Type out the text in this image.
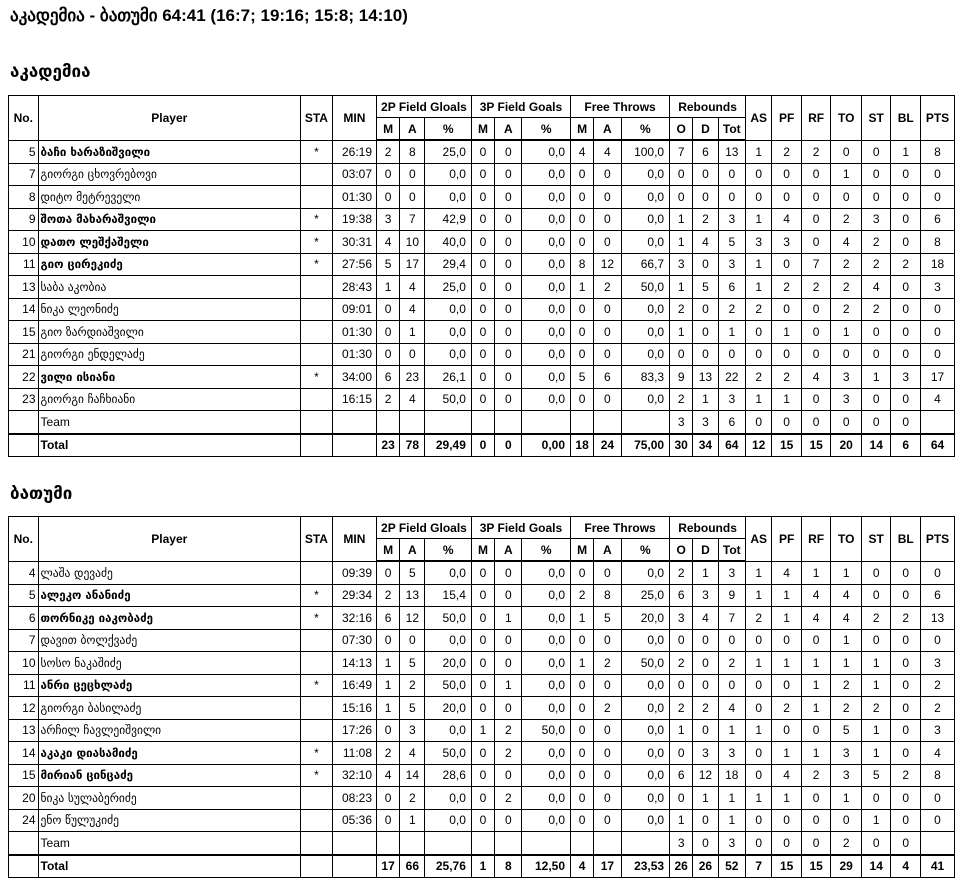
აკადემია - ბათუმი 64:41 (16:7; 19:16; 15:8; 14:10)
აკადემია
No.	Player	STA	MIN	2P Field Gloals			3P Field Goals			Free Throws			Rebounds			AS	PF	RF	TO	ST	BL	PTS
				M	A	%	M	A	%	M	A	%	O	D	Tot							
5	ბაჩი ხარაზიშვილი	*	26:19	2	8	25,0	0	0	0,0	4	4	100,0	7	6	13	1	2	2	0	0	1	8
7	გიორგი ცხოვრებოვი		03:07	0	0	0,0	0	0	0,0	0	0	0,0	0	0	0	0	0	0	1	0	0	0
8	დიტო მეტრეველი		01:30	0	0	0,0	0	0	0,0	0	0	0,0	0	0	0	0	0	0	0	0	0	0
9	შოთა მახარაშვილი	*	19:38	3	7	42,9	0	0	0,0	0	0	0,0	1	2	3	1	4	0	2	3	0	6
10	დათო ლეშქაშელი	*	30:31	4	10	40,0	0	0	0,0	0	0	0,0	1	4	5	3	3	0	4	2	0	8
11	გიო ცირეკიძე	*	27:56	5	17	29,4	0	0	0,0	8	12	66,7	3	0	3	1	0	7	2	2	2	18
13	საბა აკობია		28:43	1	4	25,0	0	0	0,0	1	2	50,0	1	5	6	1	2	2	2	4	0	3
14	ნიკა ლეონიძე		09:01	0	4	0,0	0	0	0,0	0	0	0,0	2	0	2	2	0	0	2	2	0	0
15	გიო ზარდიაშვილი		01:30	0	1	0,0	0	0	0,0	0	0	0,0	1	0	1	0	1	0	1	0	0	0
21	გიორგი ენდელაძე		01:30	0	0	0,0	0	0	0,0	0	0	0,0	0	0	0	0	0	0	0	0	0	0
22	ვილი ისიანი	*	34:00	6	23	26,1	0	0	0,0	5	6	83,3	9	13	22	2	2	4	3	1	3	17
23	გიორგი ჩაჩხიანი		16:15	2	4	50,0	0	0	0,0	0	0	0,0	2	1	3	1	1	0	3	0	0	4
	Team												3	3	6	0	0	0	0	0	0	
	Total			23	78	29,49	0	0	0,00	18	24	75,00	30	34	64	12	15	15	20	14	6	64
ბათუმი
No.	Player	STA	MIN	2P Field Gloals			3P Field Goals			Free Throws			Rebounds			AS	PF	RF	TO	ST	BL	PTS
				M	A	%	M	A	%	M	A	%	O	D	Tot							
4	ლაშა დევაძე		09:39	0	5	0,0	0	0	0,0	0	0	0,0	2	1	3	1	4	1	1	0	0	0
5	ალეკო ანანიძე	*	29:34	2	13	15,4	0	0	0,0	2	8	25,0	6	3	9	1	1	4	4	0	0	6
6	თორნიკე იაკობაძე	*	32:16	6	12	50,0	0	1	0,0	1	5	20,0	3	4	7	2	1	4	4	2	2	13
7	დავით ბოლქვაძე		07:30	0	0	0,0	0	0	0,0	0	0	0,0	0	0	0	0	0	0	1	0	0	0
10	სოსო ნაკაშიძე		14:13	1	5	20,0	0	0	0,0	1	2	50,0	2	0	2	1	1	1	1	1	0	3
11	ანრი ცეცხლაძე	*	16:49	1	2	50,0	0	1	0,0	0	0	0,0	0	0	0	0	0	1	2	1	0	2
12	გიორგი ბასილაძე		15:16	1	5	20,0	0	0	0,0	0	2	0,0	2	2	4	0	2	1	2	2	0	2
13	არჩილ ჩავლეიშვილი		17:26	0	3	0,0	1	2	50,0	0	0	0,0	1	0	1	1	0	0	5	1	0	3
14	აკაკი დიასამიძე	*	11:08	2	4	50,0	0	2	0,0	0	0	0,0	0	3	3	0	1	1	3	1	0	4
15	მირიან ცინცაძე	*	32:10	4	14	28,6	0	0	0,0	0	0	0,0	6	12	18	0	4	2	3	5	2	8
20	ნიკა სულაბერიძე		08:23	0	2	0,0	0	2	0,0	0	0	0,0	0	1	1	1	1	0	1	0	0	0
24	ენო წულუკიძე		05:36	0	1	0,0	0	0	0,0	0	0	0,0	1	0	1	0	0	0	0	1	0	0
	Team												3	0	3	0	0	0	2	0	0	
	Total			17	66	25,76	1	8	12,50	4	17	23,53	26	26	52	7	15	15	29	14	4	41
